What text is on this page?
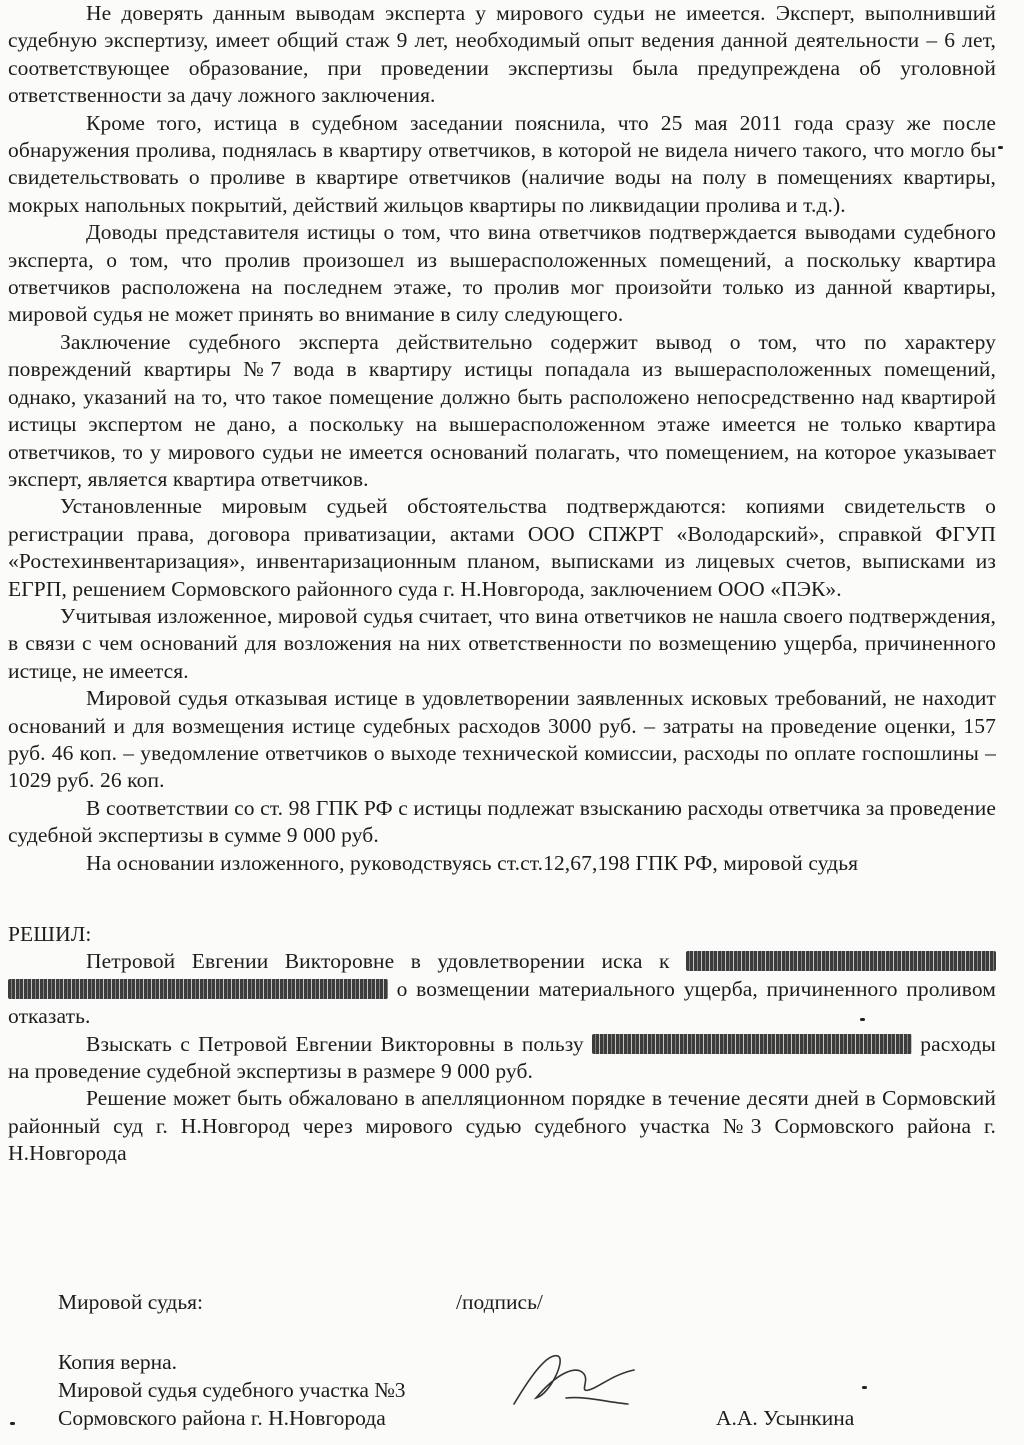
Не доверять данным выводам эксперта у мирового судьи не имеется. Эксперт, выполнивший судебную экспертизу, имеет общий стаж 9 лет, необходимый опыт ведения данной деятельности – 6 лет, соответствующее образование, при проведении экспертизы была предупреждена об уголовной ответственности за дачу ложного заключения.

Кроме того, истица в судебном заседании пояснила, что 25 мая 2011 года сразу же после обнаружения пролива, поднялась в квартиру ответчиков, в которой не видела ничего такого, что могло бы свидетельствовать о проливе в квартире ответчиков (наличие воды на полу в помещениях квартиры, мокрых напольных покрытий, действий жильцов квартиры по ликвидации пролива и т.д.).

Доводы представителя истицы о том, что вина ответчиков подтверждается выводами судебного эксперта, о том, что пролив произошел из вышерасположенных помещений, а поскольку квартира ответчиков расположена на последнем этаже, то пролив мог произойти только из данной квартиры, мировой судья не может принять во внимание в силу следующего.

Заключение судебного эксперта действительно содержит вывод о том, что по характеру повреждений квартиры №7 вода в квартиру истицы попадала из вышерасположенных помещений, однако, указаний на то, что такое помещение должно быть расположено непосредственно над квартирой истицы экспертом не дано, а поскольку на вышерасположенном этаже имеется не только квартира ответчиков, то у мирового судьи не имеется оснований полагать, что помещением, на которое указывает эксперт, является квартира ответчиков.

Установленные мировым судьей обстоятельства подтверждаются: копиями свидетельств о регистрации права, договора приватизации, актами ООО СПЖРТ «Володарский», справкой ФГУП «Ростехинвентаризация», инвентаризационным планом, выписками из лицевых счетов, выписками из ЕГРП, решением Сормовского районного суда г. Н.Новгорода, заключением ООО «ПЭК».

Учитывая изложенное, мировой судья считает, что вина ответчиков не нашла своего подтверждения, в связи с чем оснований для возложения на них ответственности по возмещению ущерба, причиненного истице, не имеется.

Мировой судья отказывая истице в удовлетворении заявленных исковых требований, не находит оснований и для возмещения истице судебных расходов 3000 руб. – затраты на проведение оценки, 157 руб. 46 коп. – уведомление ответчиков о выходе технической комиссии, расходы по оплате госпошлины – 1029 руб. 26 коп.

В соответствии со ст. 98 ГПК РФ с истицы подлежат взысканию расходы ответчика за проведение судебной экспертизы в сумме 9 000 руб.

На основании изложенного, руководствуясь ст.ст.12,67,198 ГПК РФ, мировой судья

РЕШИЛ:

Петровой Евгении Викторовне в удовлетворении иска к   о возмещении материального ущерба, причиненного проливом отказать.

Взыскать с Петровой Евгении Викторовны в пользу	расходы на проведение судебной экспертизы в размере 9 000 руб.

Решение может быть обжаловано в апелляционном порядке в течение десяти дней в Сормовский районный суд г. Н.Новгород через мирового судью судебного участка №3 Сормовского района г. Н.Новгорода

Мировой судья:	/подпись/
Копия верна.
Мировой судья судебного участка №3
Сормовского района г. Н.Новгорода	А.А. Усынкина
